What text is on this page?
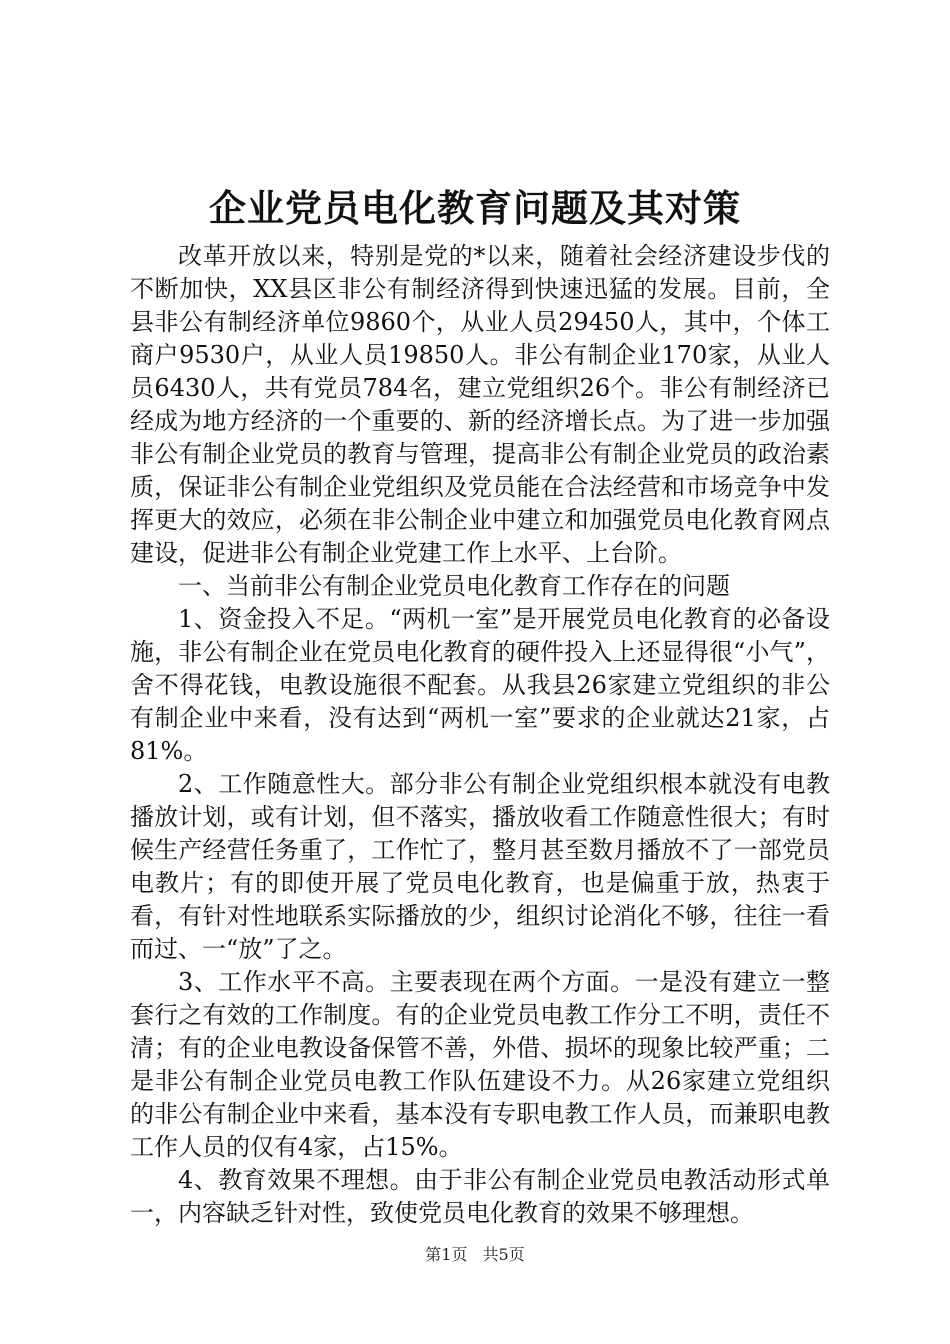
企业党员电化教育问题及其对策

改革开放以来，特别是党的*以来，随着社会经济建设步伐的不断加快，XX县区非公有制经济得到快速迅猛的发展。目前，全县非公有制经济单位9860个，从业人员29450人，其中，个体工商户9530户，从业人员19850人。非公有制企业170家，从业人员6430人，共有党员784名，建立党组织26个。非公有制经济已经成为地方经济的一个重要的、新的经济增长点。为了进一步加强非公有制企业党员的教育与管理，提高非公有制企业党员的政治素质，保证非公有制企业党组织及党员能在合法经营和市场竞争中发挥更大的效应，必须在非公制企业中建立和加强党员电化教育网点建设，促进非公有制企业党建工作上水平、上台阶。

一、当前非公有制企业党员电化教育工作存在的问题

1、资金投入不足。“两机一室”是开展党员电化教育的必备设施，非公有制企业在党员电化教育的硬件投入上还显得很“小气”，舍不得花钱，电教设施很不配套。从我县26家建立党组织的非公有制企业中来看，没有达到“两机一室”要求的企业就达21家，占81%。

2、工作随意性大。部分非公有制企业党组织根本就没有电教播放计划，或有计划，但不落实，播放收看工作随意性很大；有时候生产经营任务重了，工作忙了，整月甚至数月播放不了一部党员电教片；有的即使开展了党员电化教育，也是偏重于放，热衷于看，有针对性地联系实际播放的少，组织讨论消化不够，往往一看而过、一“放”了之。

3、工作水平不高。主要表现在两个方面。一是没有建立一整套行之有效的工作制度。有的企业党员电教工作分工不明，责任不清；有的企业电教设备保管不善，外借、损坏的现象比较严重；二是非公有制企业党员电教工作队伍建设不力。从26家建立党组织的非公有制企业中来看，基本没有专职电教工作人员，而兼职电教工作人员的仅有4家，占15%。

4、教育效果不理想。由于非公有制企业党员电教活动形式单一，内容缺乏针对性，致使党员电化教育的效果不够理想。

第1页 共5页
